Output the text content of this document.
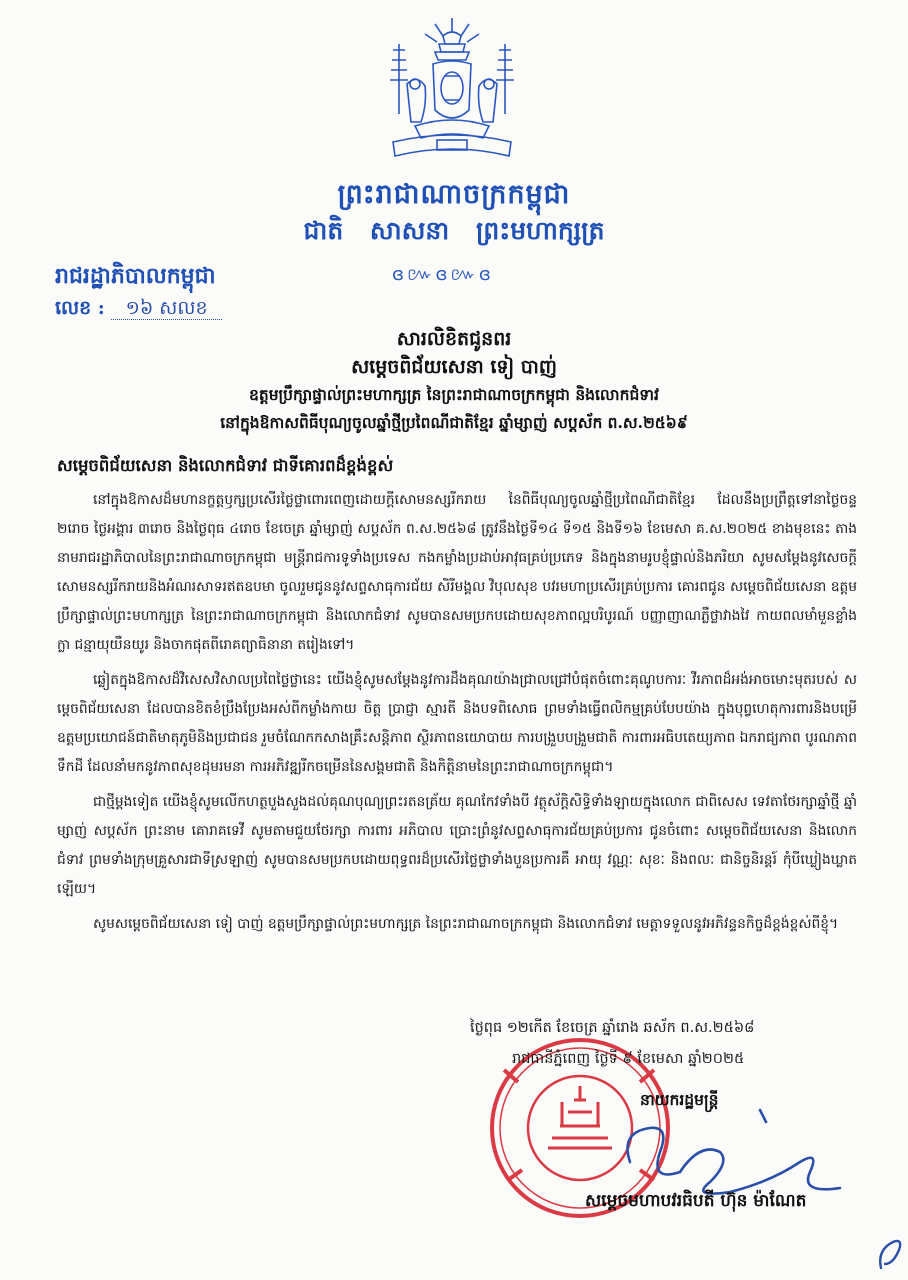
ព្រះរាជាណាចក្រកម្ពុជា
ជាតិ សាសនា ព្រះមហាក្សត្រ
ɞ៚ɞ៚ɞ
រាជរដ្ឋាភិបាលកម្ពុជា
លេខ : ១៦ សលខ
សារលិខិតជូនពរ
សម្តេចពិជ័យសេនា ទៀ បាញ់
ឧត្តមប្រឹក្សាផ្ទាល់ព្រះមហាក្សត្រ នៃព្រះរាជាណាចក្រកម្ពុជា និងលោកជំទាវ
នៅក្នុងឱកាសពិធីបុណ្យចូលឆ្នាំថ្មីប្រពៃណីជាតិខ្មែរ ឆ្នាំម្សាញ់ សប្តស័ក ព.ស.២៥៦៩
សម្តេចពិជ័យសេនា និងលោកជំទាវ ជាទីគោរពដ៏ខ្ពង់ខ្ពស់

នៅក្នុងឱកាសដ៏មហានក្ខត្តឫក្សប្រសើរថ្លៃថ្លាពោរពេញដោយក្តីសោមនស្សរីករាយ នៃពិធីបុណ្យចូលឆ្នាំថ្មីប្រពៃណីជាតិខ្មែរ ដែលនឹងប្រព្រឹត្តទៅនាថ្ងៃចន្ទ ២រោច ថ្ងៃអង្គារ ៣រោច និងថ្ងៃពុធ ៤រោច ខែចេត្រ ឆ្នាំម្សាញ់ សប្តស័ក ព.ស.២៥៦៨ ត្រូវនឹងថ្ងៃទី១៤ ទី១៥ និងទី១៦ ខែមេសា គ.ស.២០២៥ ខាងមុខនេះ តាងនាមរាជរដ្ឋាភិបាលនៃព្រះរាជាណាចក្រកម្ពុជា មន្ត្រីរាជការទូទាំងប្រទេស កងកម្លាំងប្រដាប់អាវុធគ្រប់ប្រភេទ និងក្នុងនាមរូបខ្ញុំផ្ទាល់និងភរិយា សូមសម្តែងនូវសេចក្តីសោមនស្សរីករាយនិងអំណរសាទរឥតឧបមា ចូលរួមជូននូវសព្ទសាធុការជ័យ សិរីមង្គល វិបុលសុខ បវរមហាប្រសើរគ្រប់ប្រការ គោរពជូន សម្តេចពិជ័យសេនា ឧត្តមប្រឹក្សាផ្ទាល់ព្រះមហាក្សត្រ នៃព្រះរាជាណាចក្រកម្ពុជា និងលោកជំទាវ សូមបានសមប្រកបដោយសុខភាពល្អបរិបូរណ៍ បញ្ញាញាណភ្លឺថ្លាវាងវៃ កាយពលមាំមួនខ្លាំងក្លា ជន្មាយុយឺនយូរ និងចាកផុតពីរោគព្យាធិនានា តរៀងទៅ។

ឆ្លៀតក្នុងឱកាសដ៏វិសេសវិសាលប្រពៃថ្លៃថ្លានេះ យើងខ្ញុំសូមសម្តែងនូវការដឹងគុណយ៉ាងជ្រាលជ្រៅបំផុតចំពោះគុណូបការៈ វីរភាពដ៏អង់អាចមោះមុតរបស់ សម្តេចពិជ័យសេនា ដែលបានខិតខំប្រឹងប្រែងអស់ពីកម្លាំងកាយ ចិត្ត ប្រាជ្ញា ស្មារតី និងបទពិសោធ ព្រមទាំងធ្វើពលិកម្មគ្រប់បែបយ៉ាង ក្នុងបុព្វហេតុការពារនិងបម្រើឧត្តមប្រយោជន៍ជាតិមាតុភូមិនិងប្រជាជន រួមចំណែកកសាងគ្រឹះសន្តិភាព ស្ថិរភាពនយោបាយ ការបង្រួបបង្រួមជាតិ ការពារអធិបតេយ្យភាព ឯករាជ្យភាព បូរណភាពទឹកដី ដែលនាំមកនូវភាពសុខដុមរមនា ការអភិវឌ្ឍរីកចម្រើននៃសង្គមជាតិ និងកិត្តិនាមនៃព្រះរាជាណាចក្រកម្ពុជា។

ជាថ្មីម្តងទៀត យើងខ្ញុំសូមលើកហត្ថបួងសួងដល់គុណបុណ្យព្រះរតនត្រ័យ គុណកែវទាំងបី វត្ថុស័ក្តិសិទ្ធិទាំងឡាយក្នុងលោក ជាពិសេស ទេវតាថែរក្សាឆ្នាំថ្មី ឆ្នាំម្សាញ់ សប្តស័ក ព្រះនាម គោរាគទេវី សូមតាមជួយថែរក្សា ការពារ អភិបាល ប្រោះព្រំនូវសព្ទសាធុការជ័យគ្រប់ប្រការ ជូនចំពោះ សម្តេចពិជ័យសេនា និងលោកជំទាវ ព្រមទាំងក្រុមគ្រួសារជាទីស្រឡាញ់ សូមបានសមប្រកបដោយពុទ្ធពរដ៏ប្រសើរថ្លៃថ្លាទាំងបួនប្រការគឺ អាយុ វណ្ណៈ សុខៈ និងពលៈ ជានិច្ចនិរន្តរ៍ កុំបីឃ្លៀងឃ្លាតឡើយ។

សូមសម្តេចពិជ័យសេនា ទៀ បាញ់ ឧត្តមប្រឹក្សាផ្ទាល់ព្រះមហាក្សត្រ នៃព្រះរាជាណាចក្រកម្ពុជា និងលោកជំទាវ មេត្តាទទួលនូវអភិវន្ទនកិច្ចដ៏ខ្ពង់ខ្ពស់ពីខ្ញុំ។

ថ្ងៃពុធ ១២កើត ខែចេត្រ ឆ្នាំរោង ឆស័ក ព.ស.២៥៦៨
រាជធានីភ្នំពេញ ថ្ងៃទី ៩ ខែមេសា ឆ្នាំ២០២៥
នាយករដ្ឋមន្ត្រី
សម្តេចមហាបវរធិបតី ហ៊ុន ម៉ាណែត
